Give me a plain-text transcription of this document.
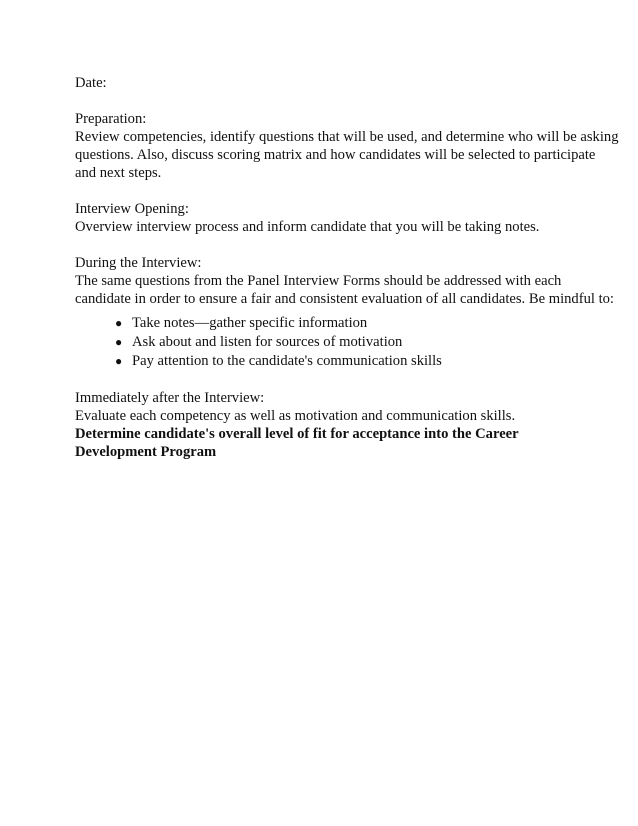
Date:

Preparation:

Review competencies, identify questions that will be used, and determine who will be asking

questions. Also, discuss scoring matrix and how candidates will be selected to participate

and next steps.

Interview Opening:

Overview interview process and inform candidate that you will be taking notes.

During the Interview:

The same questions from the Panel Interview Forms should be addressed with each

candidate in order to ensure a fair and consistent evaluation of all candidates. Be mindful to:

● Take notes—gather specific information
● Ask about and listen for sources of motivation
● Pay attention to the candidate's communication skills

Immediately after the Interview:

Evaluate each competency as well as motivation and communication skills.

Determine candidate's overall level of fit for acceptance into the Career

Development Program
